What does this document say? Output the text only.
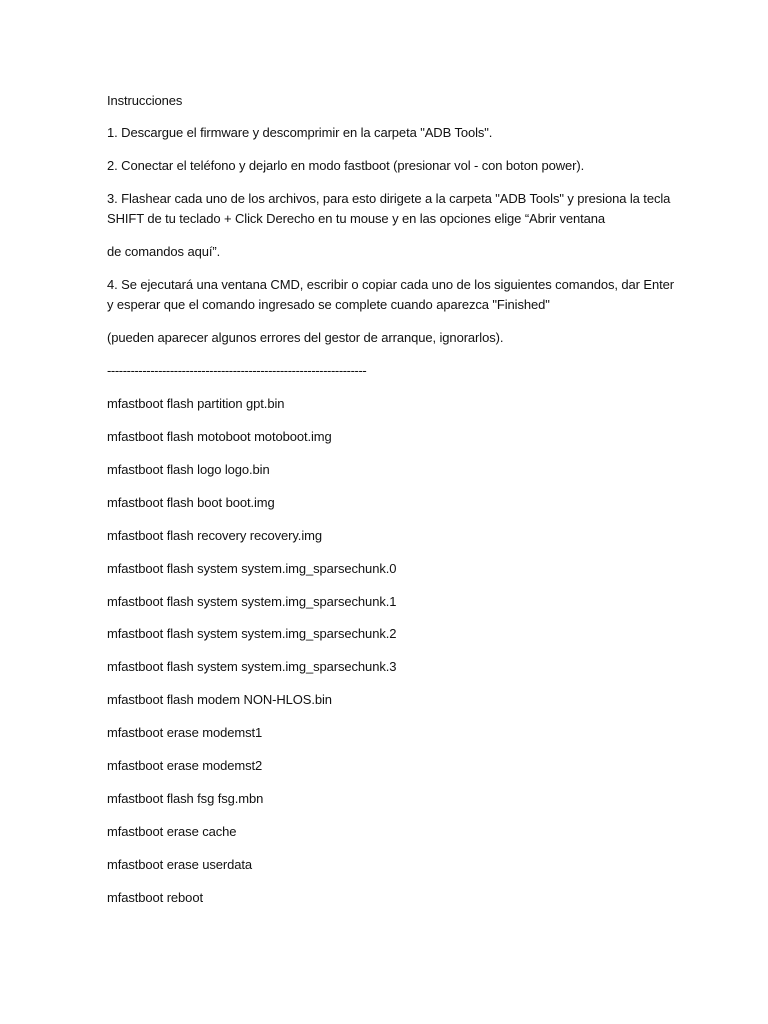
Instrucciones
1. Descargue el firmware y descomprimir en la carpeta "ADB Tools".
2. Conectar el teléfono y dejarlo en modo fastboot (presionar vol - con boton power).
3. Flashear cada uno de los archivos, para esto dirigete a la carpeta "ADB Tools" y presiona la tecla
SHIFT de tu teclado + Click Derecho en tu mouse y en las opciones elige “Abrir ventana
de comandos aquí”.
4. Se ejecutará una ventana CMD, escribir o copiar cada uno de los siguientes comandos, dar Enter
y esperar que el comando ingresado se complete cuando aparezca "Finished"
(pueden aparecer algunos errores del gestor de arranque, ignorarlos).
------------------------------------------------------------------
mfastboot flash partition gpt.bin
mfastboot flash motoboot motoboot.img
mfastboot flash logo logo.bin
mfastboot flash boot boot.img
mfastboot flash recovery recovery.img
mfastboot flash system system.img_sparsechunk.0
mfastboot flash system system.img_sparsechunk.1
mfastboot flash system system.img_sparsechunk.2
mfastboot flash system system.img_sparsechunk.3
mfastboot flash modem NON-HLOS.bin
mfastboot erase modemst1
mfastboot erase modemst2
mfastboot flash fsg fsg.mbn
mfastboot erase cache
mfastboot erase userdata
mfastboot reboot
